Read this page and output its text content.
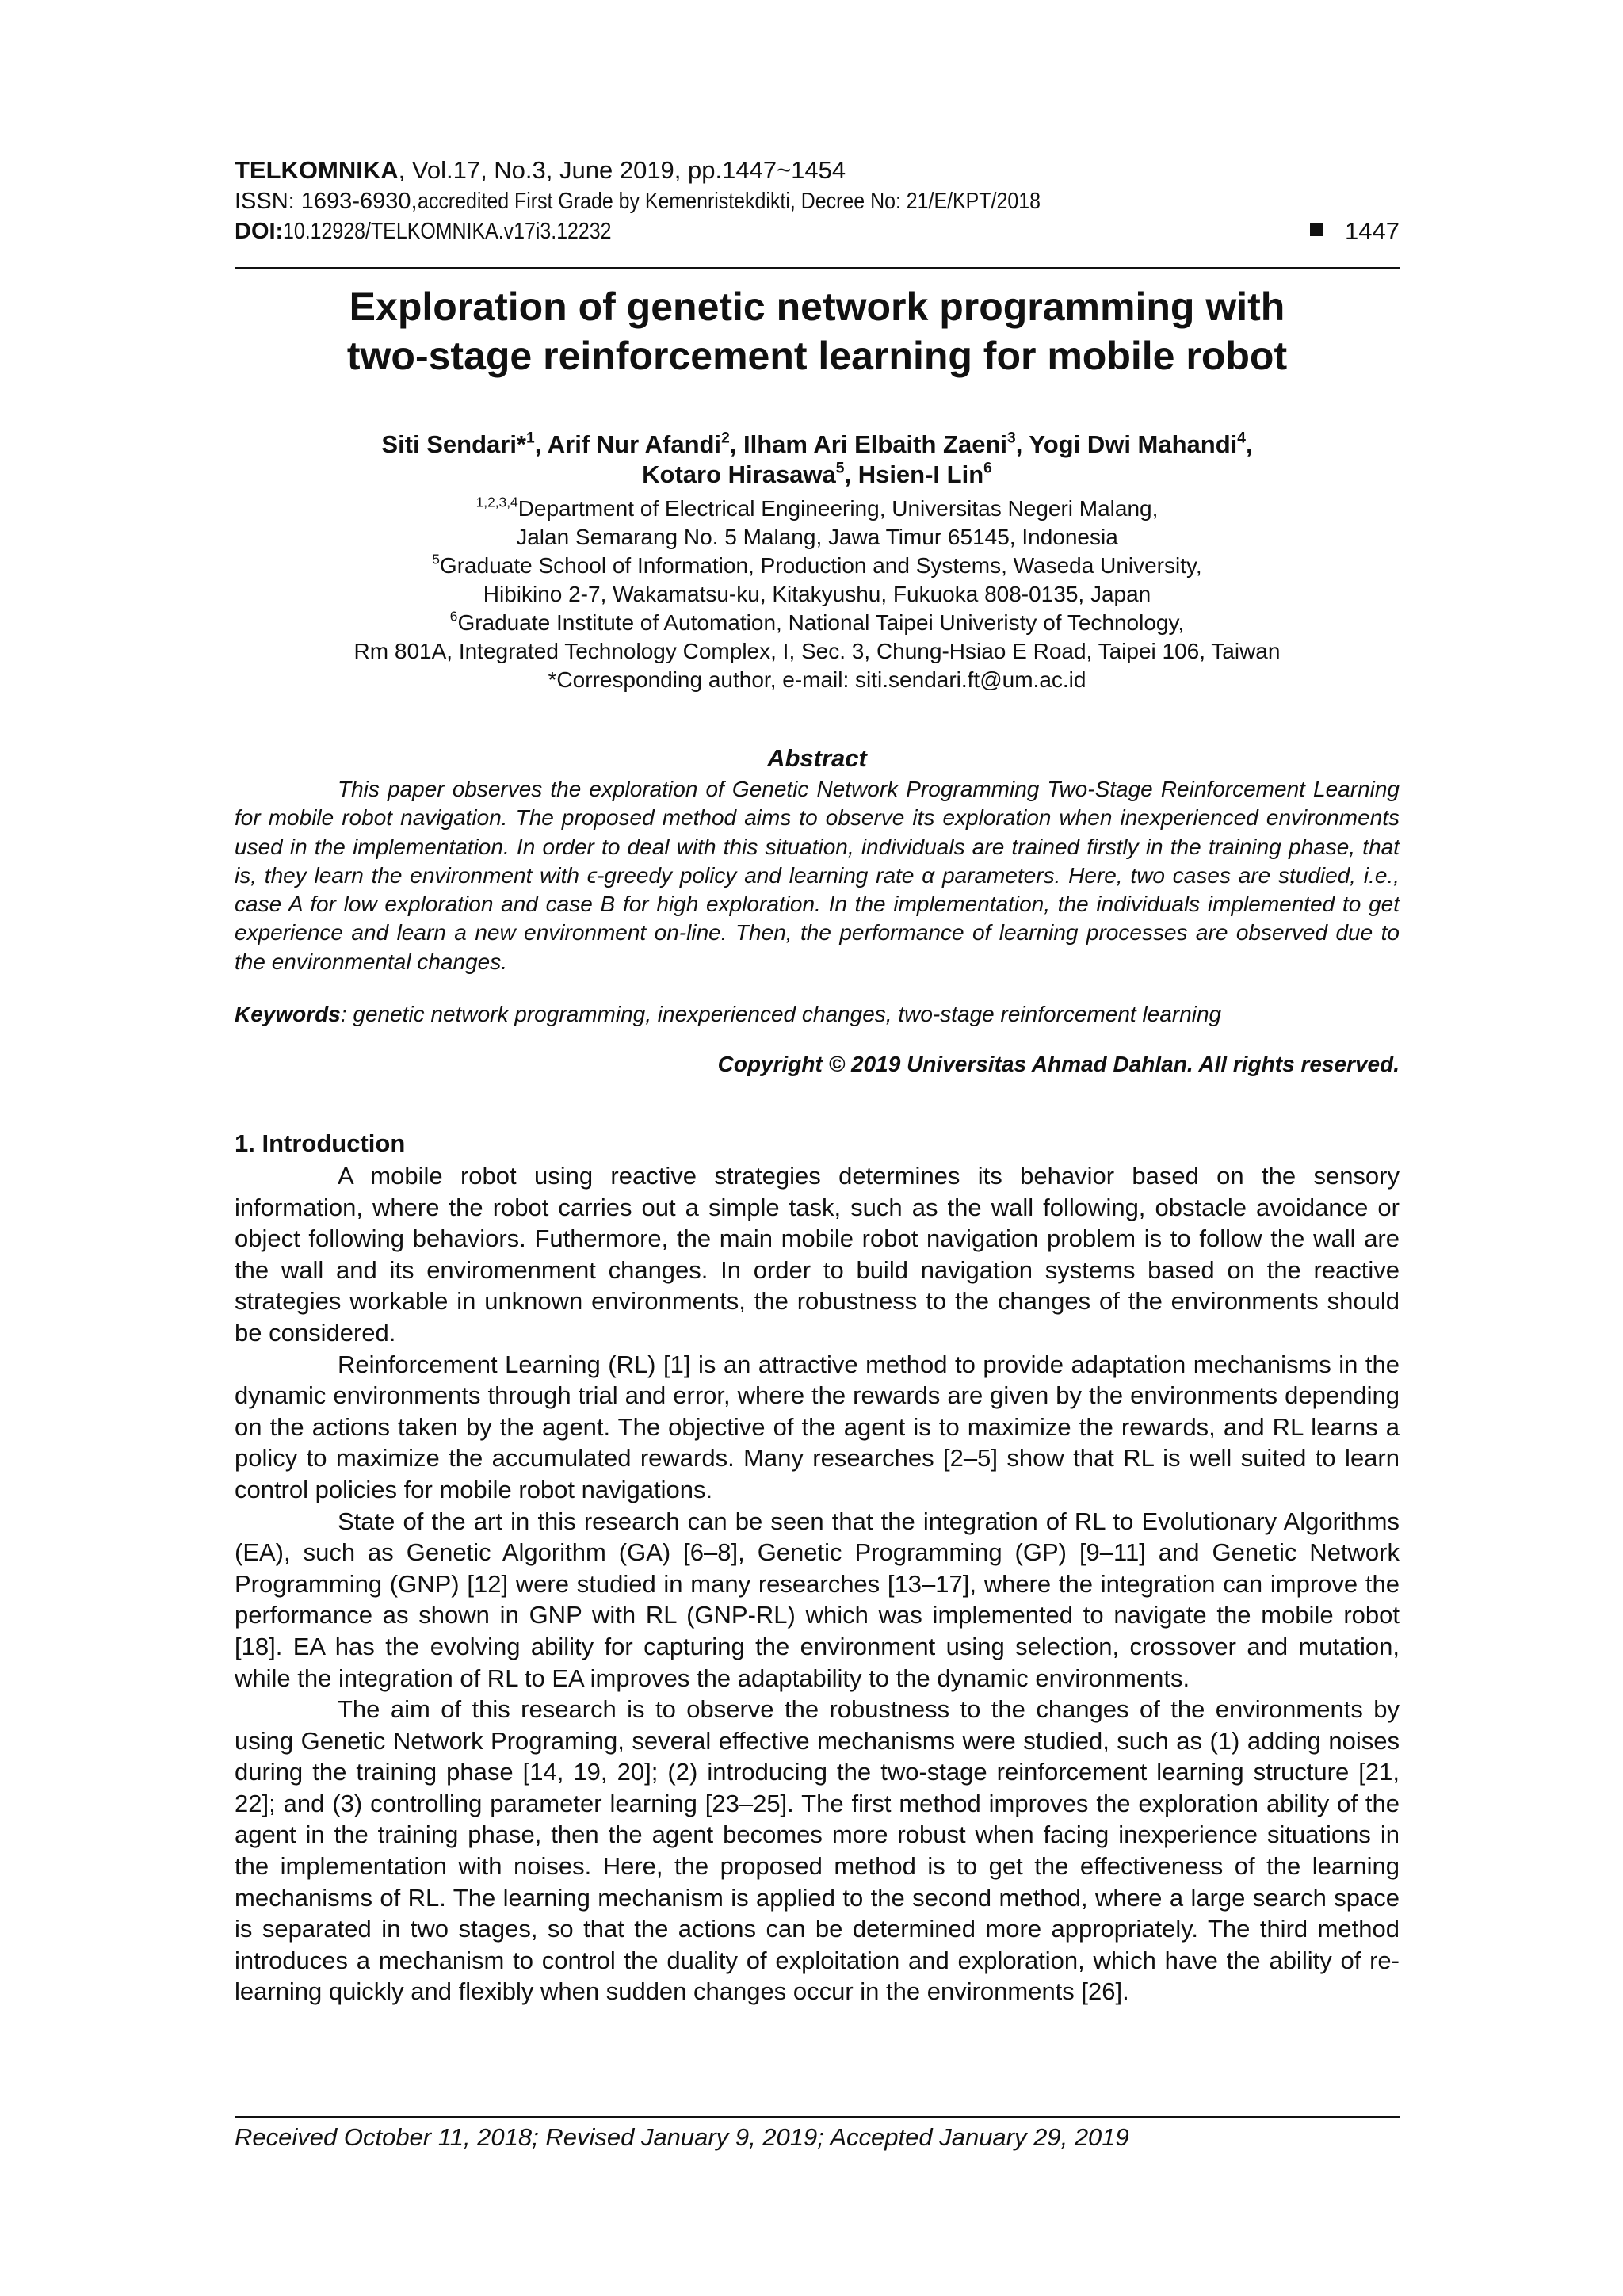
TELKOMNIKA, Vol.17, No.3, June 2019, pp.1447~1454
ISSN: 1693-6930,accredited First Grade by Kemenristekdikti, Decree No: 21/E/KPT/2018
DOI:10.12928/TELKOMNIKA.v17i3.12232	1447
Exploration of genetic network programming with
two-stage reinforcement learning for mobile robot
Siti Sendari*$^1$, Arif Nur Afandi$^2$, Ilham Ari Elbaith Zaeni$^3$, Yogi Dwi Mahandi$^4$,
Kotaro Hirasawa$^5$, Hsien-I Lin$^6$
$^{1,2,3,4}$Department of Electrical Engineering, Universitas Negeri Malang,
Jalan Semarang No. 5 Malang, Jawa Timur 65145, Indonesia
$^5$Graduate School of Information, Production and Systems, Waseda University,
Hibikino 2-7, Wakamatsu-ku, Kitakyushu, Fukuoka 808-0135, Japan
$^6$Graduate Institute of Automation, National Taipei Univeristy of Technology,
Rm 801A, Integrated Technology Complex, I, Sec. 3, Chung-Hsiao E Road, Taipei 106, Taiwan
*Corresponding author, e-mail: siti.sendari.ft@um.ac.id
Abstract
This paper observes the exploration of Genetic Network Programming Two-Stage Reinforcement Learning for mobile robot navigation. The proposed method aims to observe its exploration when inexperienced environments used in the implementation. In order to deal with this situation, individuals are trained firstly in the training phase, that is, they learn the environment with ϵ-greedy policy and learning rate α parameters. Here, two cases are studied, i.e., case A for low exploration and case B for high exploration. In the implementation, the individuals implemented to get experience and learn a new environment on-line. Then, the performance of learning processes are observed due to the environmental changes.
Keywords: genetic network programming, inexperienced changes, two-stage reinforcement learning
Copyright © 2019 Universitas Ahmad Dahlan. All rights reserved.
1. Introduction

A mobile robot using reactive strategies determines its behavior based on the sensory information, where the robot carries out a simple task, such as the wall following, obstacle avoidance or object following behaviors. Futhermore, the main mobile robot navigation problem is to follow the wall are the wall and its enviromenment changes. In order to build navigation systems based on the reactive strategies workable in unknown environments, the robustness to the changes of the environments should be considered.

Reinforcement Learning (RL) [1] is an attractive method to provide adaptation mechanisms in the dynamic environments through trial and error, where the rewards are given by the environments depending on the actions taken by the agent. The objective of the agent is to maximize the rewards, and RL learns a policy to maximize the accumulated rewards. Many researches [2–5] show that RL is well suited to learn control policies for mobile robot navigations.

State of the art in this research can be seen that the integration of RL to Evolutionary Algorithms (EA), such as Genetic Algorithm (GA) [6–8], Genetic Programming (GP) [9–11] and Genetic Network Programming (GNP) [12] were studied in many researches [13–17], where the integration can improve the performance as shown in GNP with RL (GNP-RL) which was implemented to navigate the mobile robot [18]. EA has the evolving ability for capturing the environment using selection, crossover and mutation, while the integration of RL to EA improves the adaptability to the dynamic environments.

The aim of this research is to observe the robustness to the changes of the environments by using Genetic Network Programing, several effective mechanisms were studied, such as (1) adding noises during the training phase [14, 19, 20]; (2) introducing the two-stage reinforcement learning structure [21, 22]; and (3) controlling parameter learning [23–25]. The first method improves the exploration ability of the agent in the training phase, then the agent becomes more robust when facing inexperience situations in the implementation with noises. Here, the proposed method is to get the effectiveness of the learning mechanisms of RL. The learning mechanism is applied to the second method, where a large search space is separated in two stages, so that the actions can be determined more appropriately. The third method introduces a mechanism to control the duality of exploitation and exploration, which have the ability of re-learning quickly and flexibly when sudden changes occur in the environments [26].

Received October 11, 2018; Revised January 9, 2019; Accepted January 29, 2019
